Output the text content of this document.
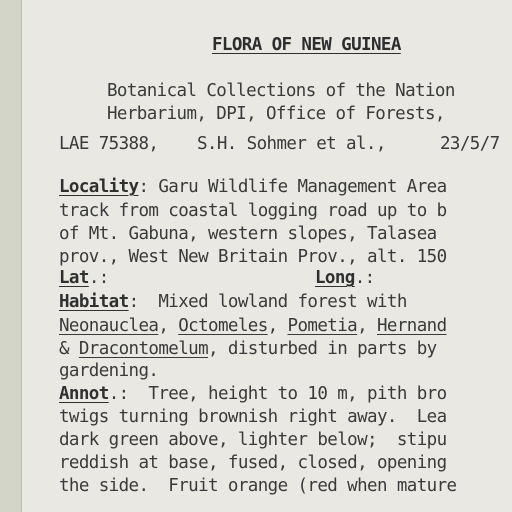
FLORA OF NEW GUINEA
Botanical Collections of the Nation
Herbarium, DPI, Office of Forests,
LAE 75388, S.H. Sohmer et al.,	23/5/7
Locality: Garu Wildlife Management Area
track from coastal logging road up to b
of Mt. Gabuna, western slopes, Talasea
prov., West New Britain Prov., alt. 150
Lat.:	Long.:
Habitat:  Mixed lowland forest with
Neonauclea, Octomeles, Pometia, Hernand
& Dracontomelum, disturbed in parts by
gardening.
Annot.:  Tree, height to 10 m, pith bro
twigs turning brownish right away.  Lea
dark green above, lighter below;  stipu
reddish at base, fused, closed, opening
the side.  Fruit orange (red when mature
